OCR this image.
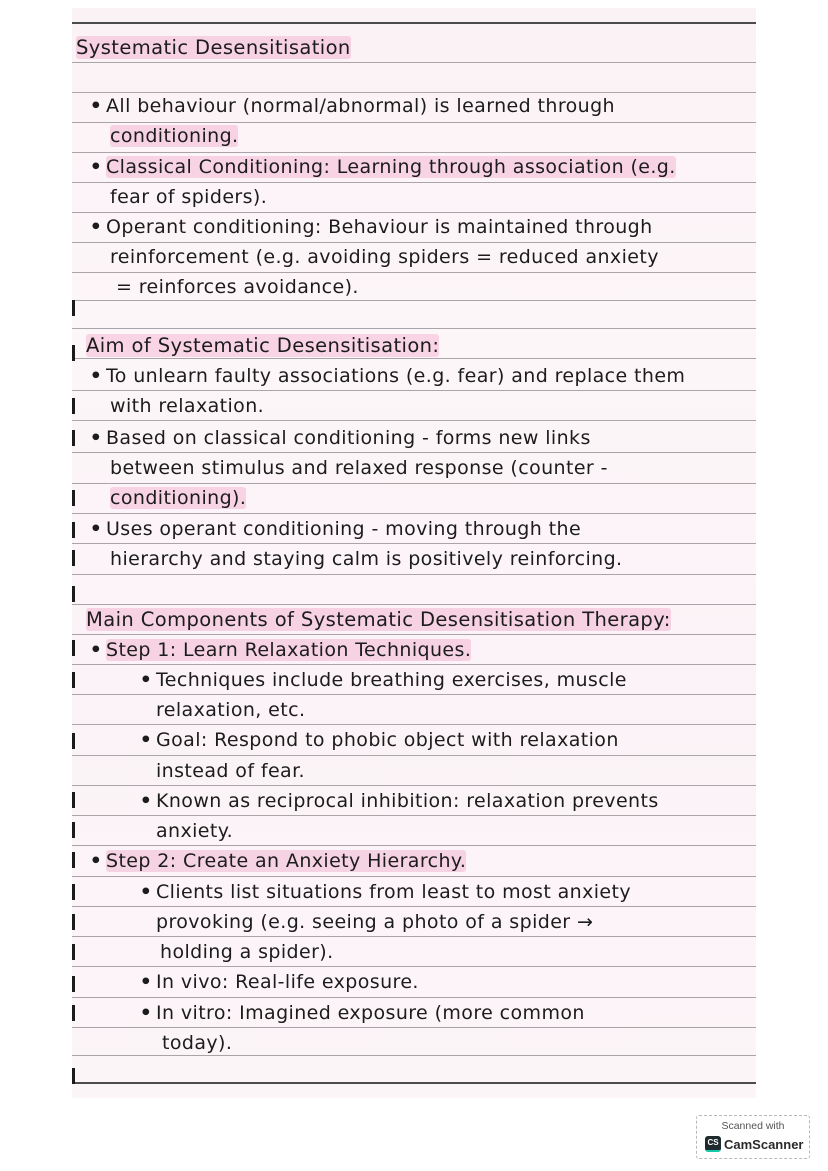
Systematic Desensitisation
• All behaviour (normal/abnormal) is learned through
conditioning.
• Classical Conditioning: Learning through association (e.g.
fear of spiders).
• Operant conditioning: Behaviour is maintained through
reinforcement (e.g. avoiding spiders = reduced anxiety
= reinforces avoidance).
Aim of Systematic Desensitisation:
• To unlearn faulty associations (e.g. fear) and replace them
with relaxation.
• Based on classical conditioning - forms new links
between stimulus and relaxed response (counter -
conditioning).
• Uses operant conditioning - moving through the
hierarchy and staying calm is positively reinforcing.
Main Components of Systematic Desensitisation Therapy:
• Step 1: Learn Relaxation Techniques.
• Techniques include breathing exercises, muscle
relaxation, etc.
• Goal: Respond to phobic object with relaxation
instead of fear.
• Known as reciprocal inhibition: relaxation prevents
anxiety.
• Step 2: Create an Anxiety Hierarchy.
• Clients list situations from least to most anxiety
provoking (e.g. seeing a photo of a spider →
holding a spider).
• In vivo: Real-life exposure.
• In vitro: Imagined exposure (more common
today).
Scanned with
CS CamScanner
